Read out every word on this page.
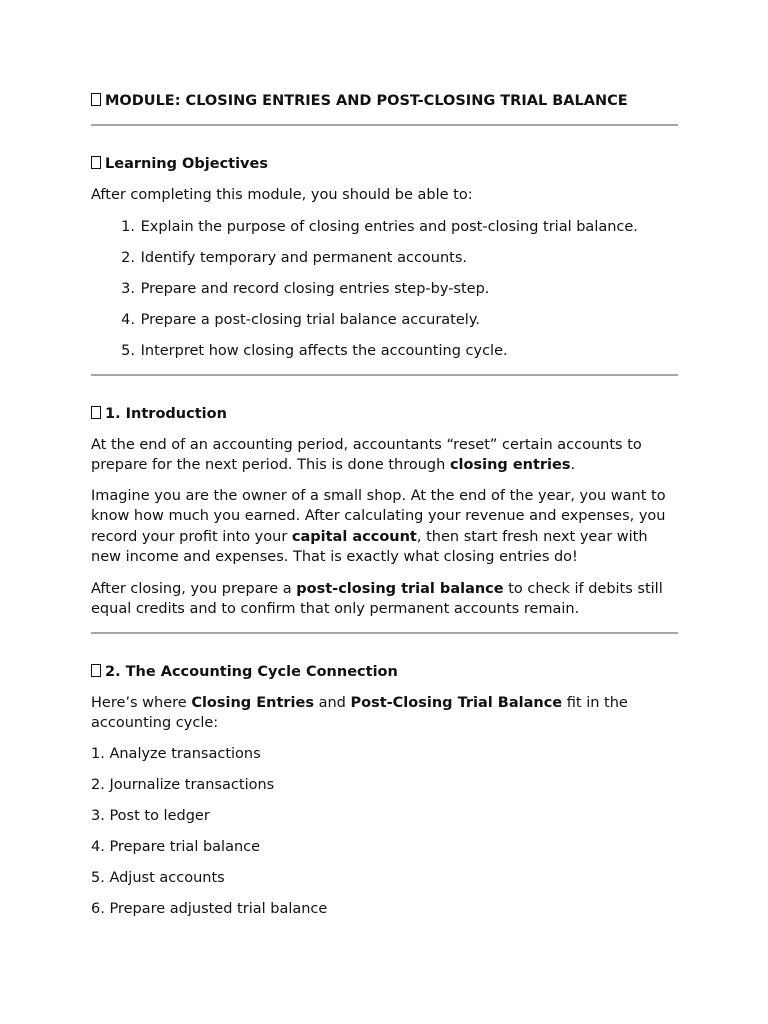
MODULE: CLOSING ENTRIES AND POST-CLOSING TRIAL BALANCE
Learning Objectives

After completing this module, you should be able to:

1.
Explain the purpose of closing entries and post-closing trial balance.
2.
Identify temporary and permanent accounts.
3.
Prepare and record closing entries step-by-step.
4.
Prepare a post-closing trial balance accurately.
5.
Interpret how closing affects the accounting cycle.
1. Introduction

At the end of an accounting period, accountants “reset” certain accounts to prepare for the next period. This is done through closing entries.

Imagine you are the owner of a small shop. At the end of the year, you want to know how much you earned. After calculating your revenue and expenses, you record your profit into your capital account, then start fresh next year with new income and expenses. That is exactly what closing entries do!

After closing, you prepare a post-closing trial balance to check if debits still equal credits and to confirm that only permanent accounts remain.

2. The Accounting Cycle Connection

Here’s where Closing Entries and Post-Closing Trial Balance fit in the accounting cycle:

1. Analyze transactions
2. Journalize transactions
3. Post to ledger
4. Prepare trial balance
5. Adjust accounts
6. Prepare adjusted trial balance
